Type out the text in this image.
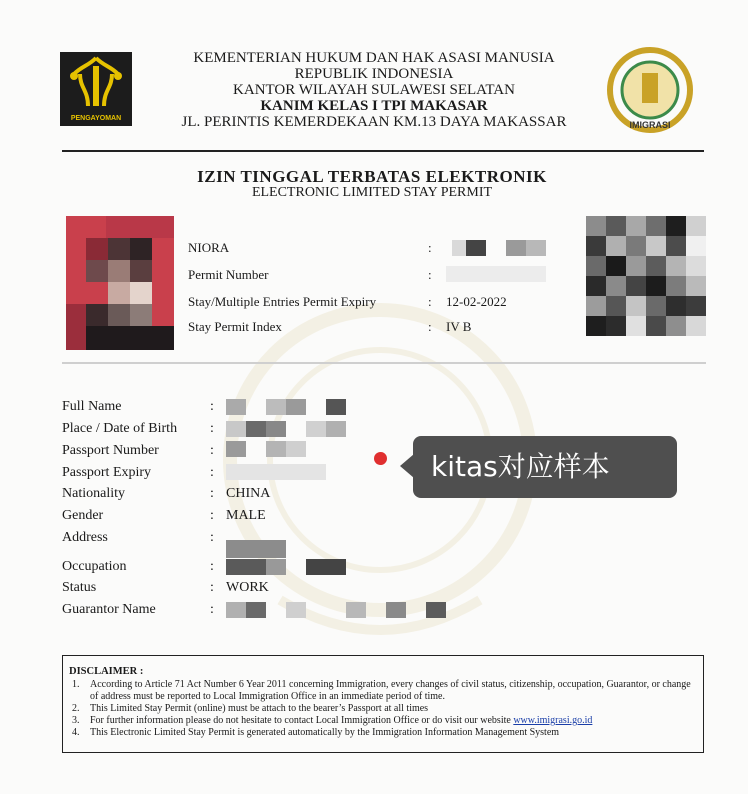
PENGAYOMAN
IMIGRASI
KEMENTERIAN HUKUM DAN HAK ASASI MANUSIA
REPUBLIK INDONESIA
KANTOR WILAYAH SULAWESI SELATAN
KANIM KELAS I TPI MAKASAR
JL. PERINTIS KEMERDEKAAN KM.13 DAYA MAKASSAR
IZIN TINGGAL TERBATAS ELEKTRONIK
ELECTRONIC LIMITED STAY PERMIT
NIORA	:
Permit Number	:
Stay/Multiple Entries Permit Expiry	: 12-02-2022
Stay Permit Index	: IV B
Full Name	:
Place / Date of Birth :
Passport Number	:
Passport Expiry	:
Nationality	: CHINA
Gender	: MALE
Address	:
Occupation	:
Status	: WORK
Guarantor Name	:
DISCLAIMER :
1.	According to Article 71 Act Number 6 Year 2011 concerning Immigration, every changes of civil status, citizenship, occupation, Guarantor, or change of address must be reported to Local Immigration Office in an immediate period of time.
2.	This Limited Stay Permit (online) must be attach to the bearer’s Passport at all times
3.	For further information please do not hesitate to contact Local Immigration Office or do visit our website www.imigrasi.go.id
4.	This Electronic Limited Stay Permit is generated automatically by the Immigration Information Management System
kitas对应样本
